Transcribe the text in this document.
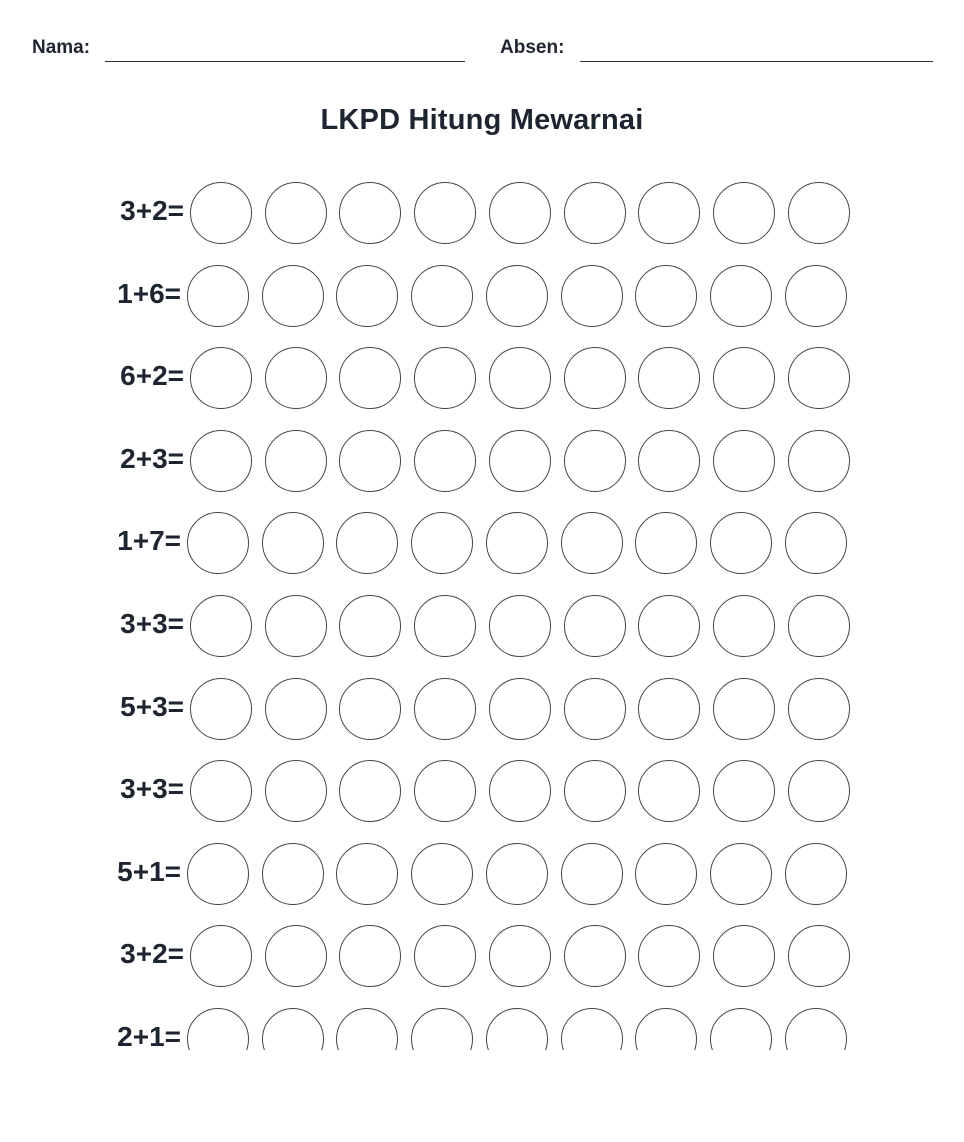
Nama:	Absen:
LKPD Hitung Mewarnai
3+2=
1+6=
6+2=
2+3=
1+7=
3+3=
5+3=
3+3=
5+1=
3+2=
2+1=
